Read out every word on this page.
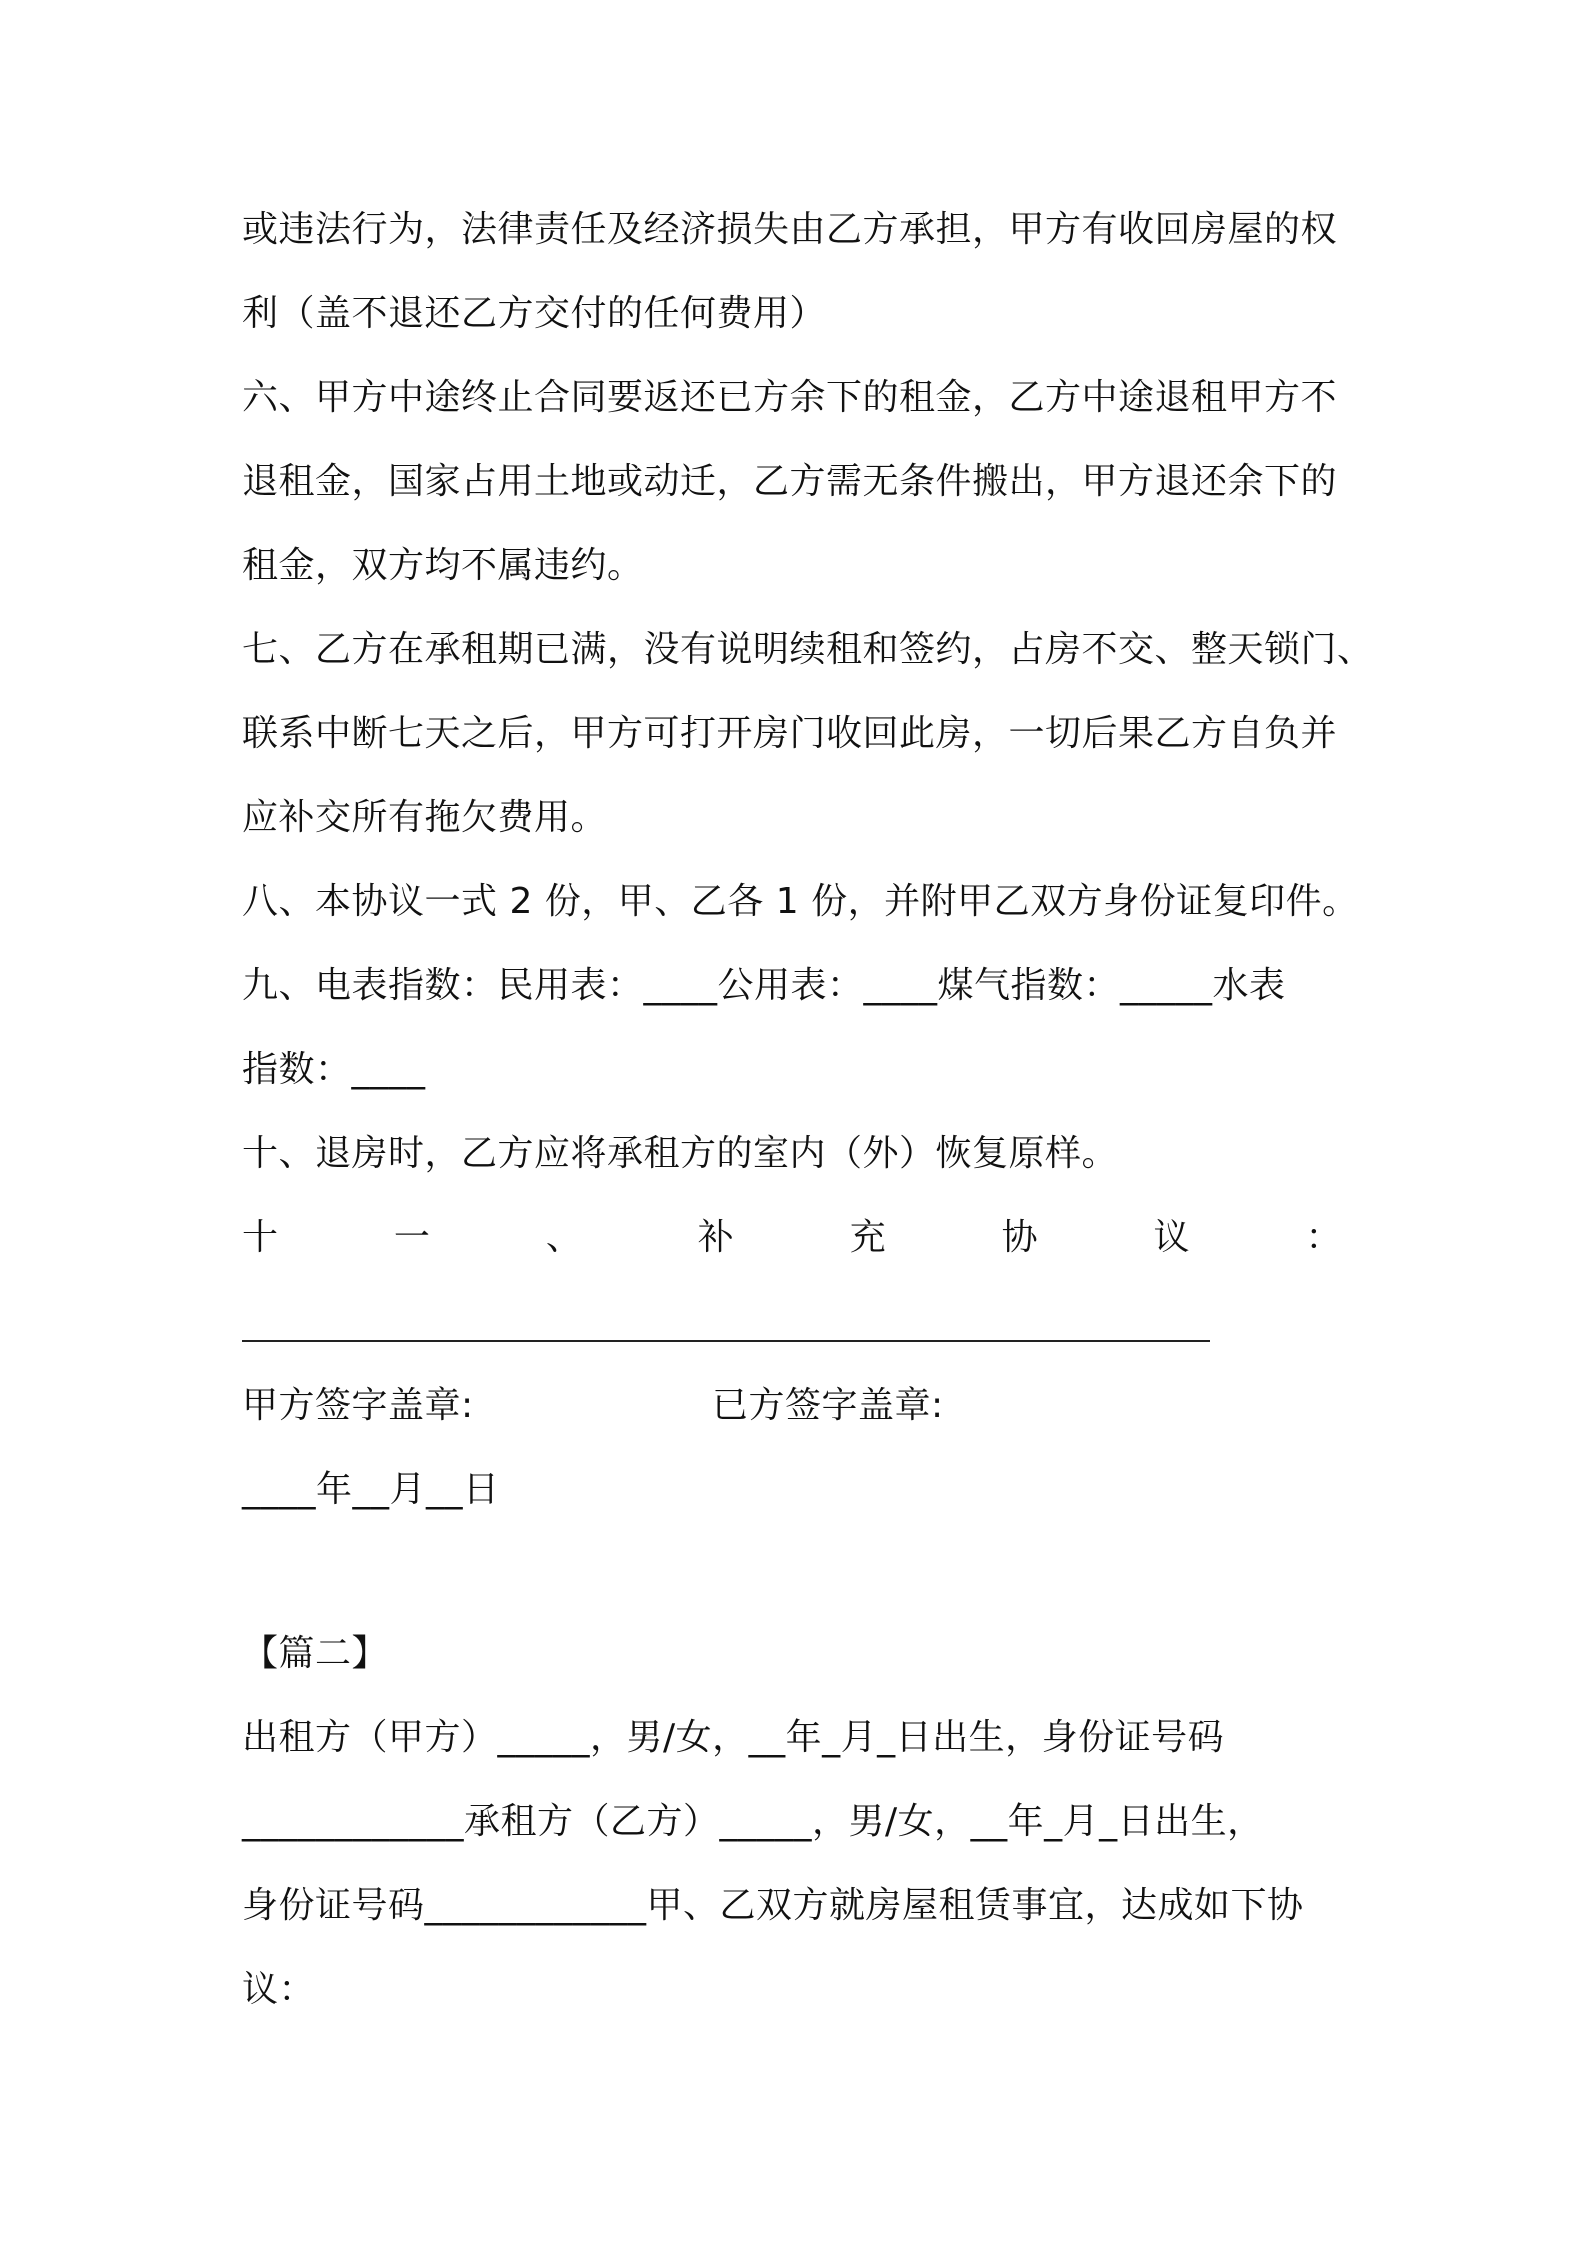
或违法行为，法律责任及经济损失由乙方承担，甲方有收回房屋的权
利（盖不退还乙方交付的任何费用）
六、甲方中途终止合同要返还已方余下的租金，乙方中途退租甲方不
退租金，国家占用土地或动迁，乙方需无条件搬出，甲方退还余下的
租金，双方均不属违约。
七、乙方在承租期已满，没有说明续租和签约，占房不交、整天锁门、
联系中断七天之后，甲方可打开房门收回此房，一切后果乙方自负并
应补交所有拖欠费用。
八、本协议一式 2 份，甲、乙各 1 份，并附甲乙双方身份证复印件。
九、电表指数：民用表：____公用表：____煤气指数：_____水表
指数：____
十、退房时，乙方应将承租方的室内（外）恢复原样。
十	一	、	补	充	协	议	：
甲方签字盖章:	已方签字盖章:
____年__月__日
【篇二】
出租方（甲方）_____，男/女，__年_月_日出生，身份证号码
____________承租方（乙方）_____，男/女，__年_月_日出生，
身份证号码____________甲、乙双方就房屋租赁事宜，达成如下协
议：
